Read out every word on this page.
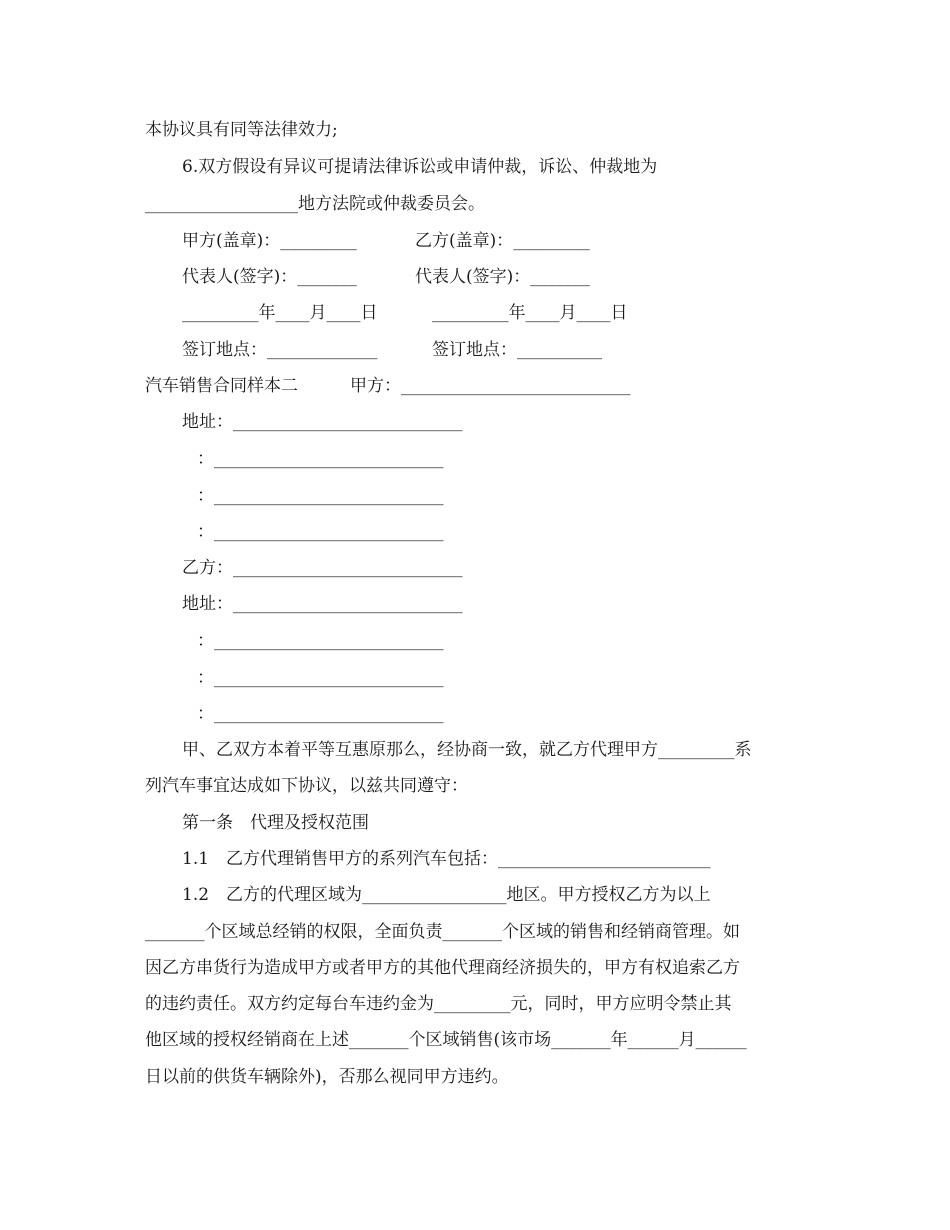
本协议具有同等法律效力;
6.双方假设有异议可提请法律诉讼或申请仲裁，诉讼、仲裁地为
__________________地方法院或仲裁委员会。
甲方(盖章)：_________	乙方(盖章)：_________
代表人(签字)：_______	代表人(签字)：_______
_________年____月____日	_________年____月____日
签订地点：_____________	签订地点：__________
汽车销售合同样本二	甲方：___________________________
地址：___________________________
：___________________________
：___________________________
：___________________________
乙方：___________________________
地址：___________________________
：___________________________
：___________________________
：___________________________
甲、乙双方本着平等互惠原那么，经协商一致，就乙方代理甲方_________系
列汽车事宜达成如下协议，以兹共同遵守：
第一条　代理及授权范围
1.1　乙方代理销售甲方的系列汽车包括：_________________________
1.2　乙方的代理区域为_________________地区。甲方授权乙方为以上
_______个区域总经销的权限，全面负责_______个区域的销售和经销商管理。如
因乙方串货行为造成甲方或者甲方的其他代理商经济损失的，甲方有权追索乙方
的违约责任。双方约定每台车违约金为_________元，同时，甲方应明令禁止其
他区域的授权经销商在上述_______个区域销售(该市场_______年______月______
日以前的供货车辆除外)，否那么视同甲方违约。
